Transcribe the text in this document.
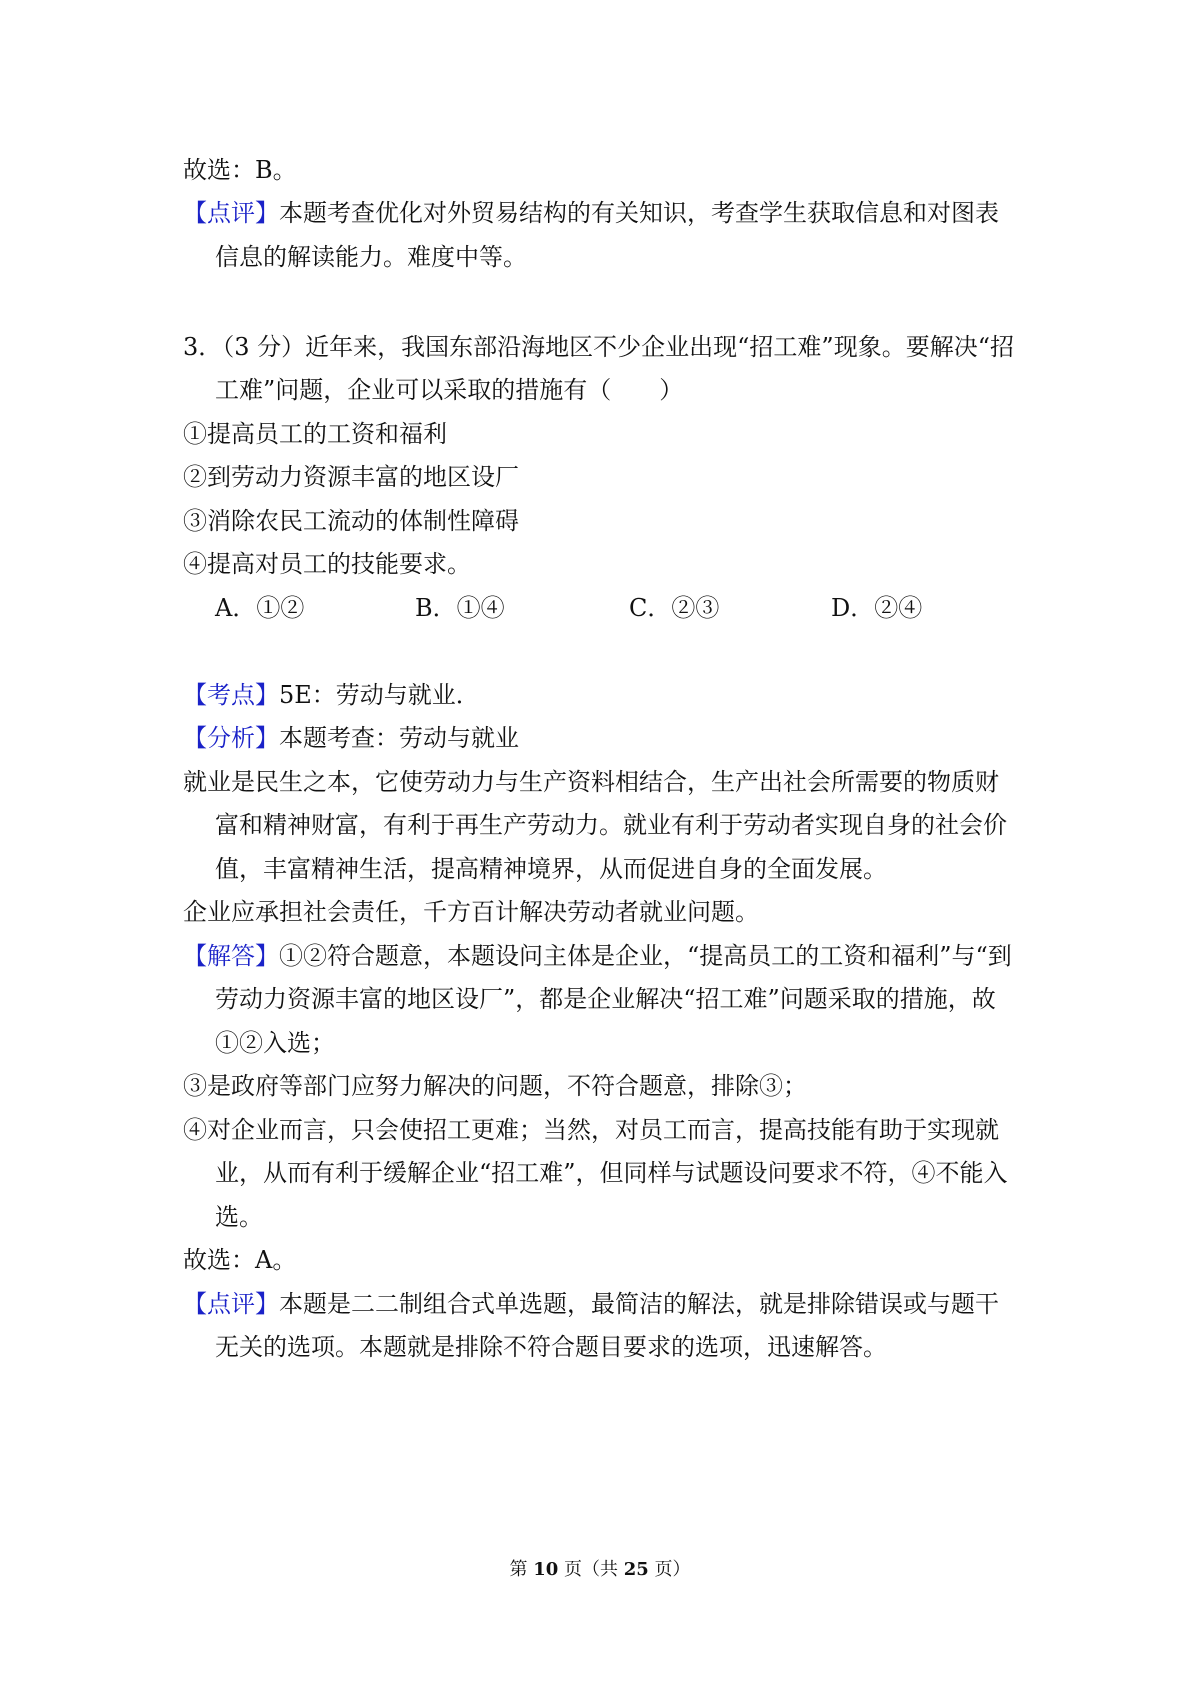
故选：B。
【点评】本题考查优化对外贸易结构的有关知识，考查学生获取信息和对图表
信息的解读能力。难度中等。
3．（3 分）近年来，我国东部沿海地区不少企业出现“招工难”现象。要解决“招
工难”问题，企业可以采取的措施有（　　）
①提高员工的工资和福利
②到劳动力资源丰富的地区设厂
③消除农民工流动的体制性障碍
④提高对员工的技能要求。
A．①②	B．①④	C．②③	D．②④
【考点】5E：劳动与就业．
【分析】本题考查：劳动与就业
就业是民生之本，它使劳动力与生产资料相结合，生产出社会所需要的物质财
富和精神财富，有利于再生产劳动力。就业有利于劳动者实现自身的社会价
值，丰富精神生活，提高精神境界，从而促进自身的全面发展。
企业应承担社会责任，千方百计解决劳动者就业问题。
【解答】①②符合题意，本题设问主体是企业，“提高员工的工资和福利”与“到
劳动力资源丰富的地区设厂”，都是企业解决“招工难”问题采取的措施，故
①②入选；
③是政府等部门应努力解决的问题，不符合题意，排除③；
④对企业而言，只会使招工更难；当然，对员工而言，提高技能有助于实现就
业，从而有利于缓解企业“招工难”，但同样与试题设问要求不符，④不能入
选。
故选：A。
【点评】本题是二二制组合式单选题，最简洁的解法，就是排除错误或与题干
无关的选项。本题就是排除不符合题目要求的选项，迅速解答。
第 10 页（共 25 页）
